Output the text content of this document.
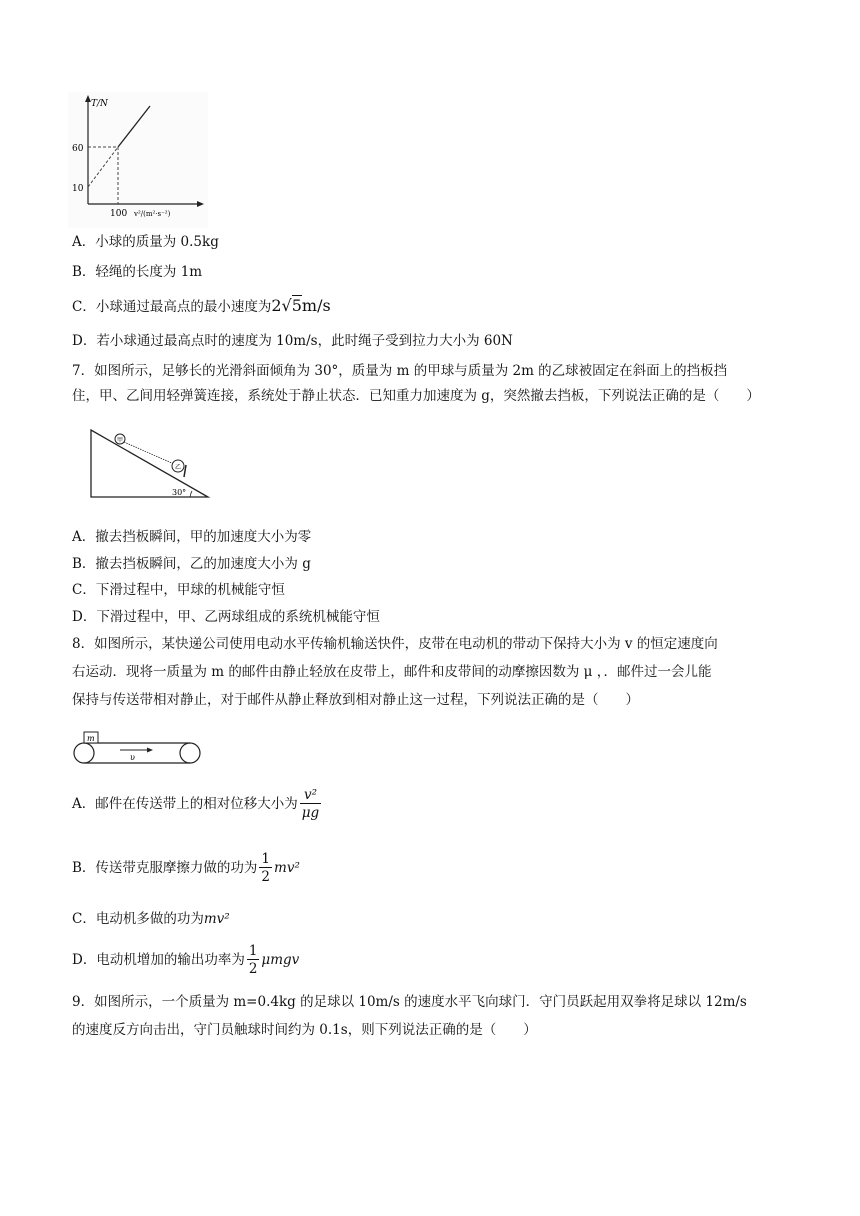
T/N
60
10
100 v²/(m²·s⁻²)
A．小球的质量为 0.5kg
B．轻绳的长度为 1m
C．小球通过最高点的最小速度为2√5m/s
D．若小球通过最高点时的速度为 10m/s，此时绳子受到拉力大小为 60N
7．如图所示，足够长的光滑斜面倾角为 30°，质量为 m 的甲球与质量为 2m 的乙球被固定在斜面上的挡板挡
住，甲、乙间用轻弹簧连接，系统处于静止状态．已知重力加速度为 g，突然撤去挡板，下列说法正确的是（　　）
甲
乙
30°
A．撤去挡板瞬间，甲的加速度大小为零
B．撤去挡板瞬间，乙的加速度大小为 g
C．下滑过程中，甲球的机械能守恒
D．下滑过程中，甲、乙两球组成的系统机械能守恒
8．如图所示，某快递公司使用电动水平传输机输送快件，皮带在电动机的带动下保持大小为 v 的恒定速度向
右运动．现将一质量为 m 的邮件由静止轻放在皮带上，邮件和皮带间的动摩擦因数为 μ ，．邮件过一会儿能
保持与传送带相对静止，对于邮件从静止释放到相对静止这一过程，下列说法正确的是（　　）
m
υ
A．邮件在传送带上的相对位移大小为 $\frac{\text{v²}}{\mu g}$
B．传送带克服摩擦力做的功为 $\frac{1}{2} mv^2$
C．电动机多做的功为mv²
D．电动机增加的输出功率为 $\frac{1}{2}$ μmgv
9．如图所示，一个质量为 m=0.4kg 的足球以 10m/s 的速度水平飞向球门．守门员跃起用双拳将足球以 12m/s
的速度反方向击出，守门员触球时间约为 0.1s，则下列说法正确的是（　　）
